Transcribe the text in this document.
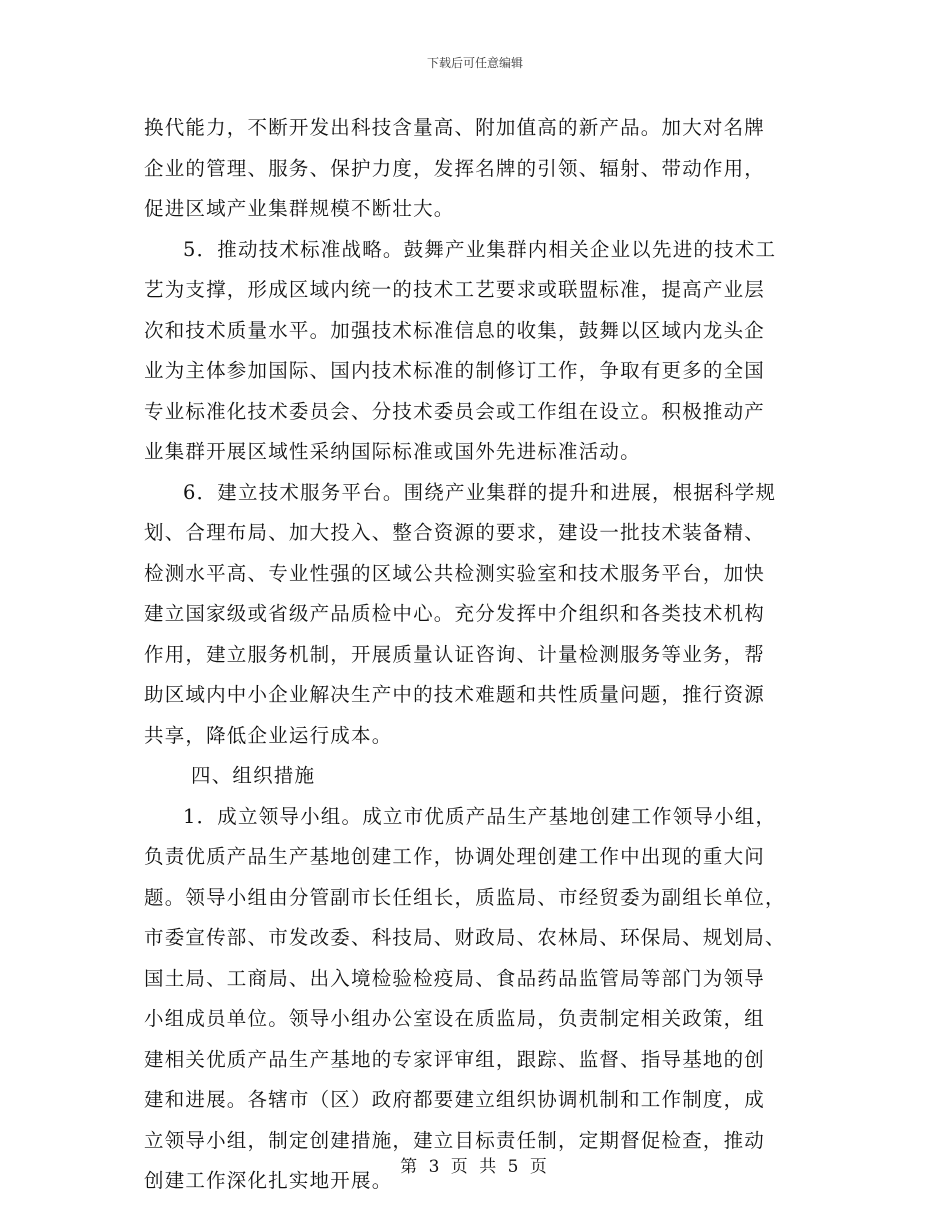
下载后可任意编辑
换代能力，不断开发出科技含量高、附加值高的新产品。加大对名牌
企业的管理、服务、保护力度，发挥名牌的引领、辐射、带动作用，
促进区域产业集群规模不断壮大。
5．推动技术标准战略。鼓舞产业集群内相关企业以先进的技术工
艺为支撑，形成区域内统一的技术工艺要求或联盟标准，提高产业层
次和技术质量水平。加强技术标准信息的收集，鼓舞以区域内龙头企
业为主体参加国际、国内技术标准的制修订工作，争取有更多的全国
专业标准化技术委员会、分技术委员会或工作组在设立。积极推动产
业集群开展区域性采纳国际标准或国外先进标准活动。
6．建立技术服务平台。围绕产业集群的提升和进展，根据科学规
划、合理布局、加大投入、整合资源的要求，建设一批技术装备精、
检测水平高、专业性强的区域公共检测实验室和技术服务平台，加快
建立国家级或省级产品质检中心。充分发挥中介组织和各类技术机构
作用，建立服务机制，开展质量认证咨询、计量检测服务等业务，帮
助区域内中小企业解决生产中的技术难题和共性质量问题，推行资源
共享，降低企业运行成本。
四、组织措施
1．成立领导小组。成立市优质产品生产基地创建工作领导小组，
负责优质产品生产基地创建工作，协调处理创建工作中出现的重大问
题。领导小组由分管副市长任组长，质监局、市经贸委为副组长单位，
市委宣传部、市发改委、科技局、财政局、农林局、环保局、规划局、
国土局、工商局、出入境检验检疫局、食品药品监管局等部门为领导
小组成员单位。领导小组办公室设在质监局，负责制定相关政策，组
建相关优质产品生产基地的专家评审组，跟踪、监督、指导基地的创
建和进展。各辖市（区）政府都要建立组织协调机制和工作制度，成
立领导小组，制定创建措施，建立目标责任制，定期督促检查，推动
创建工作深化扎实地开展。
第 3 页 共 5 页
